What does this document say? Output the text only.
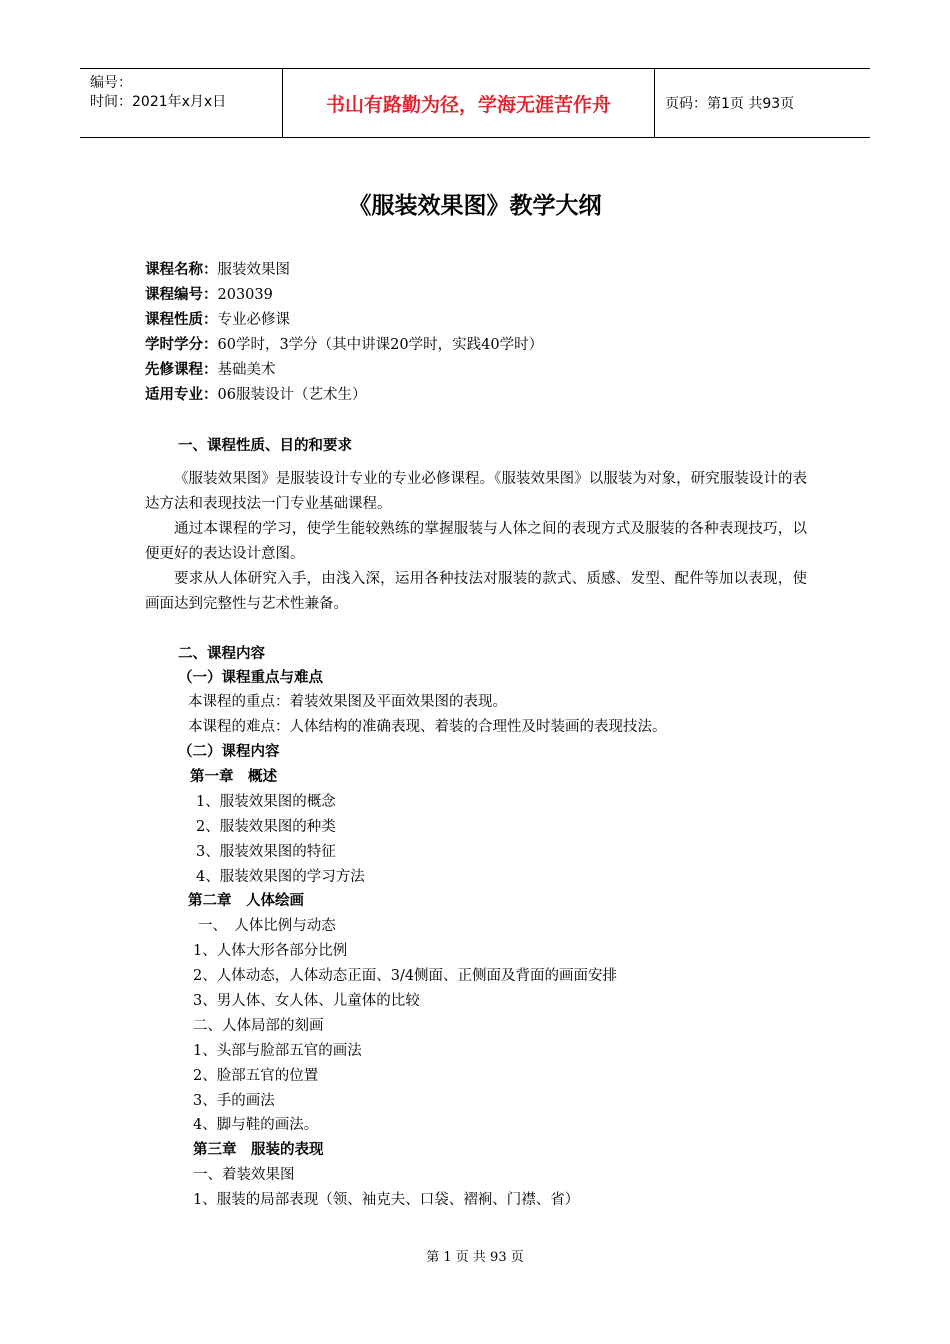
编号：
时间：2021年x月x日	书山有路勤为径，学海无涯苦作舟	页码：第1页 共93页
《服装效果图》教学大纲
课程名称：服装效果图
课程编号：203039
课程性质：专业必修课
学时学分：60学时，3学分（其中讲课20学时，实践40学时）
先修课程：基础美术
适用专业：06服装设计（艺术生）
一、课程性质、目的和要求
《服装效果图》是服装设计专业的专业必修课程。《服装效果图》以服装为对象，研究服装设计的表达方法和表现技法一门专业基础课程。
通过本课程的学习，使学生能较熟练的掌握服装与人体之间的表现方式及服装的各种表现技巧，以便更好的表达设计意图。
要求从人体研究入手，由浅入深，运用各种技法对服装的款式、质感、发型、配件等加以表现，使画面达到完整性与艺术性兼备。
二、课程内容
（一）课程重点与难点
本课程的重点：着装效果图及平面效果图的表现。
本课程的难点：人体结构的准确表现、着装的合理性及时装画的表现技法。
（二）课程内容
第一章　概述
1、服装效果图的概念
2、服装效果图的种类
3、服装效果图的特征
4、服装效果图的学习方法
第二章　人体绘画
一、　人体比例与动态
1、人体大形各部分比例
2、人体动态，人体动态正面、3/4侧面、正侧面及背面的画面安排
3、男人体、女人体、儿童体的比较
二、人体局部的刻画
1、头部与脸部五官的画法
2、脸部五官的位置
3、手的画法
4、脚与鞋的画法。
第三章　服装的表现
一、着装效果图
1、服装的局部表现（领、袖克夫、口袋、褶裥、门襟、省）
第 1 页 共 93 页
